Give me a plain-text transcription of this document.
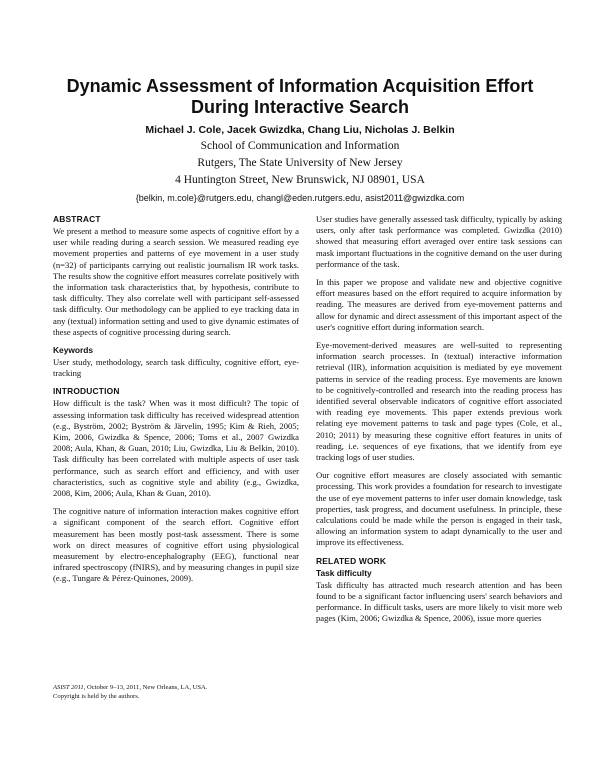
Dynamic Assessment of Information Acquisition Effort
During Interactive Search
Michael J. Cole, Jacek Gwizdka, Chang Liu, Nicholas J. Belkin
School of Communication and Information
Rutgers, The State University of New Jersey
4 Huntington Street, New Brunswick, NJ 08901, USA
{belkin, m.cole}@rutgers.edu, changl@eden.rutgers.edu, asist2011@gwizdka.com
ABSTRACT

We present a method to measure some aspects of cognitive effort by a user while reading during a search session. We measured reading eye movement properties and patterns of eye movement in a user study (n=32) of participants carrying out realistic journalism IR work tasks. The results show the cognitive effort measures correlate positively with the information task characteristics that, by hypothesis, contribute to task difficulty. They also correlate well with participant self-assessed task difficulty. Our methodology can be applied to eye tracking data in any (textual) information setting and used to give dynamic estimates of these aspects of cognitive processing during search.

Keywords

User study, methodology, search task difficulty, cognitive effort, eye-tracking

INTRODUCTION

How difficult is the task? When was it most difficult? The topic of assessing information task difficulty has received widespread attention (e.g., Byström, 2002; Byström & Järvelin, 1995; Kim & Rieh, 2005; Kim, 2006, Gwizdka & Spence, 2006; Toms et al., 2007 Gwizdka 2008; Aula, Khan, & Guan, 2010; Liu, Gwizdka, Liu & Belkin, 2010). Task difficulty has been correlated with multiple aspects of user task performance, such as search effort and efficiency, and with user characteristics, such as cognitive style and ability (e.g., Gwizdka, 2008, Kim, 2006; Aula, Khan & Guan, 2010).

The cognitive nature of information interaction makes cognitive effort a significant component of the search effort. Cognitive effort measurement has been mostly post-task assessment. There is some work on direct measures of cognitive effort using physiological measurement by electro-encephalography (EEG), functional near infrared spectroscopy (fNIRS), and by measuring changes in pupil size (e.g., Tungare & Pérez-Quinones, 2009).

ASIST 2011, October 9–13, 2011, New Orleans, LA, USA.
Copyright is held by the authors.

User studies have generally assessed task difficulty, typically by asking users, only after task performance was completed. Gwizdka (2010) showed that measuring effort averaged over entire task sessions can mask important fluctuations in the cognitive demand on the user during performance of the task.

In this paper we propose and validate new and objective cognitive effort measures based on the effort required to acquire information by reading. The measures are derived from eye-movement patterns and allow for dynamic and direct assessment of this important aspect of the user's cognitive effort during information search.

Eye-movement-derived measures are well-suited to representing information search processes. In (textual) interactive information retrieval (IIR), information acquisition is mediated by eye movement patterns in service of the reading process. Eye movements are known to be cognitively-controlled and research into the reading process has identified several observable indicators of cognitive effort associated with reading eye movements. This paper extends previous work relating eye movement patterns to task and page types (Cole, et al., 2010; 2011) by measuring these cognitive effort features in units of reading, i.e. sequences of eye fixations, that we identify from eye tracking logs of user studies.

Our cognitive effort measures are closely associated with semantic processing. This work provides a foundation for research to investigate the use of eye movement patterns to infer user domain knowledge, task properties, task progress, and document usefulness. In principle, these calculations could be made while the person is engaged in their task, allowing an information system to adapt dynamically to the user and improve its effectiveness.

RELATED WORK
Task difficulty

Task difficulty has attracted much research attention and has been found to be a significant factor influencing users' search behaviors and performance. In difficult tasks, users are more likely to visit more web pages (Kim, 2006; Gwizdka & Spence, 2006), issue more queries
